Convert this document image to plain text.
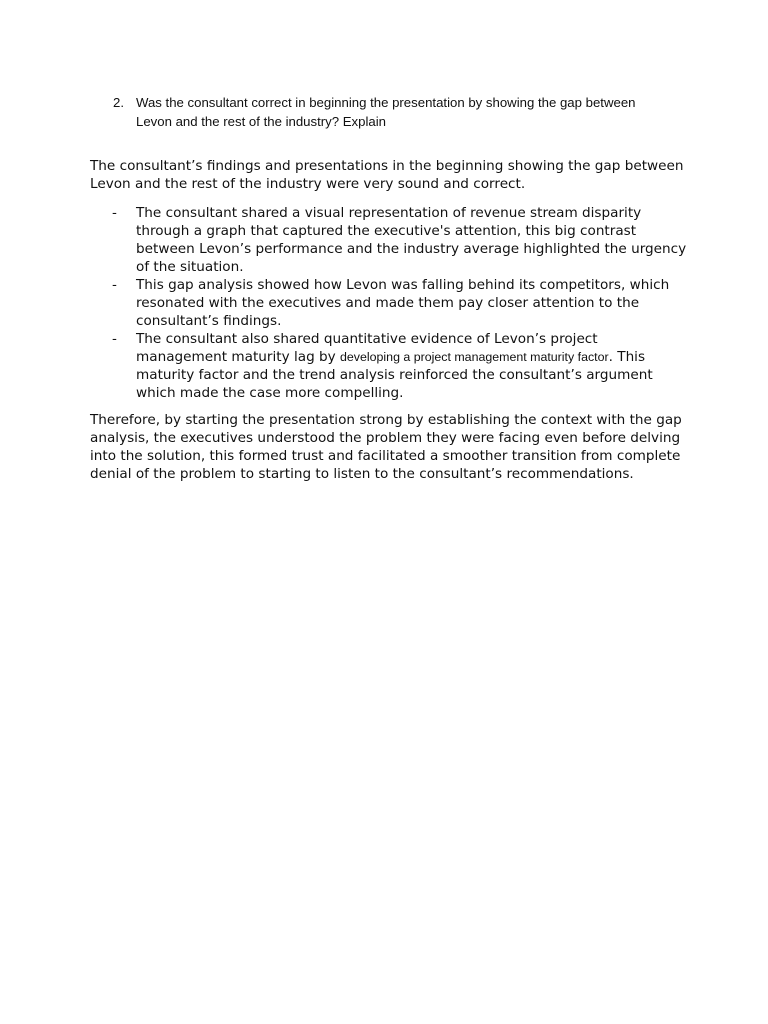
2. Was the consultant correct in beginning the presentation by showing the gap between Levon and the rest of the industry? Explain

The consultant’s findings and presentations in the beginning showing the gap between Levon and the rest of the industry were very sound and correct.

- The consultant shared a visual representation of revenue stream disparity through a graph that captured the executive's attention, this big contrast between Levon’s performance and the industry average highlighted the urgency of the situation.
- This gap analysis showed how Levon was falling behind its competitors, which resonated with the executives and made them pay closer attention to the consultant’s findings.
- The consultant also shared quantitative evidence of Levon’s project management maturity lag by developing a project management maturity factor. This maturity factor and the trend analysis reinforced the consultant’s argument which made the case more compelling.

Therefore, by starting the presentation strong by establishing the context with the gap analysis, the executives understood the problem they were facing even before delving into the solution, this formed trust and facilitated a smoother transition from complete denial of the problem to starting to listen to the consultant’s recommendations.
